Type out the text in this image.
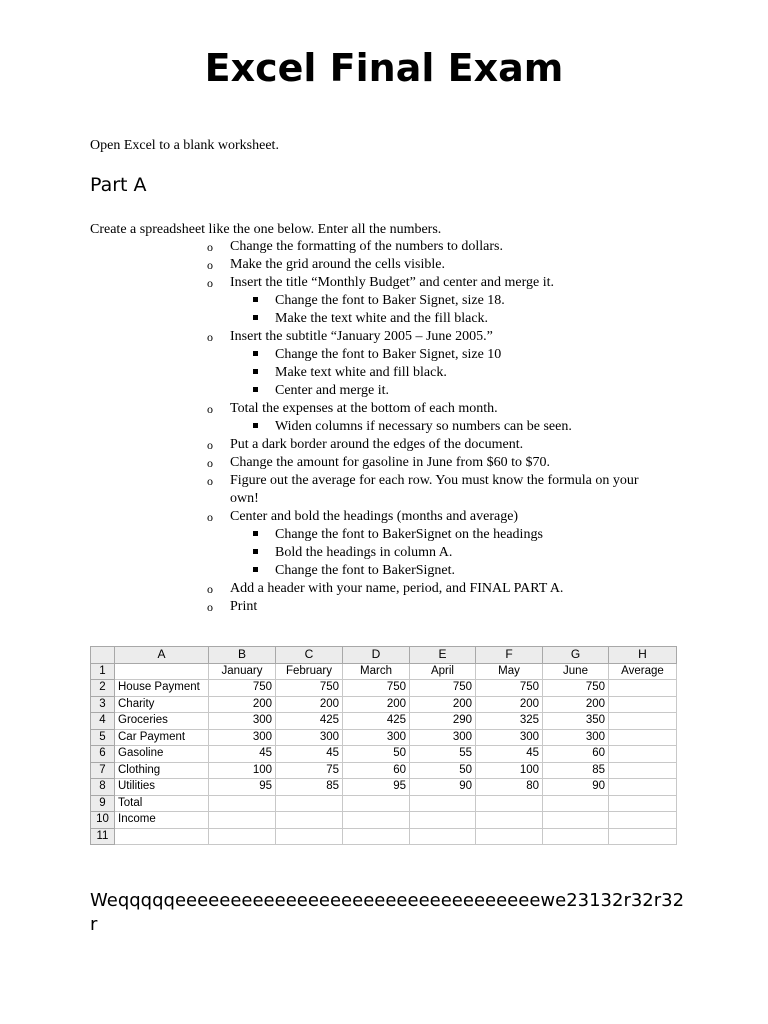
Excel Final Exam
Open Excel to a blank worksheet.
Part A
Create a spreadsheet like the one below. Enter all the numbers.
o Change the formatting of the numbers to dollars.
o Make the grid around the cells visible.
o Insert the title “Monthly Budget” and center and merge it.
Change the font to Baker Signet, size 18.
Make the text white and the fill black.
o Insert the subtitle “January 2005 – June 2005.”
Change the font to Baker Signet, size 10
Make text white and fill black.
Center and merge it.
o Total the expenses at the bottom of each month.
Widen columns if necessary so numbers can be seen.
o Put a dark border around the edges of the document.
o Change the amount for gasoline in June from $60 to $70.
o Figure out the average for each row. You must know the formula on your own!
o Center and bold the headings (months and average)
Change the font to BakerSignet on the headings
Bold the headings in column A.
Change the font to BakerSignet.
o Add a header with your name, period, and FINAL PART A.
o Print
	A	B	C	D	E	F	G	H
1		January	February	March	April	May	June	Average
2	House Payment	750	750	750	750	750	750	
3	Charity	200	200	200	200	200	200	
4	Groceries	300	425	425	290	325	350	
5	Car Payment	300	300	300	300	300	300	
6	Gasoline	45	45	50	55	45	60	
7	Clothing	100	75	60	50	100	85	
8	Utilities	95	85	95	90	80	90	
9	Total							
10	Income							
11								
Weqqqqqeeeeeeeeeeeeeeeeeeeeeeeeeeeeeeeeewe23132r32r32r
